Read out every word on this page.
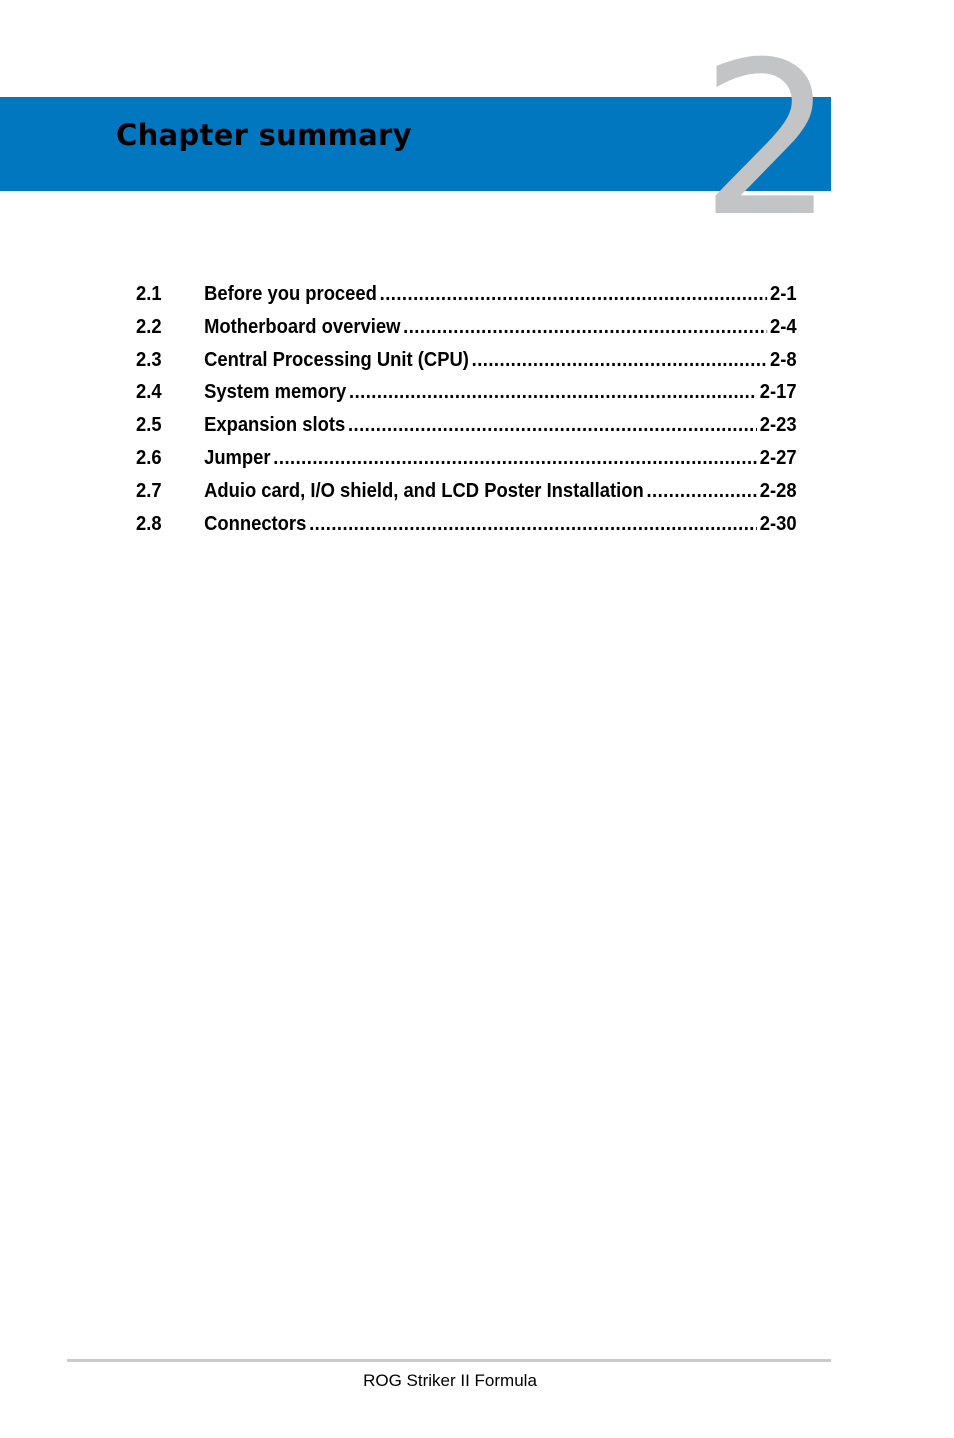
Chapter summary 2
2.1	Before you proceed .....	2-1
2.2	Motherboard overview .....	2-4
2.3	Central Processing Unit (CPU) .....	2-8
2.4	System memory .....	2-17
2.5	Expansion slots .....	2-23
2.6	Jumper .....	2-27
2.7	Aduio card, I/O shield, and LCD Poster Installation .....	2-28
2.8	Connectors .....	2-30
ROG Striker II Formula
